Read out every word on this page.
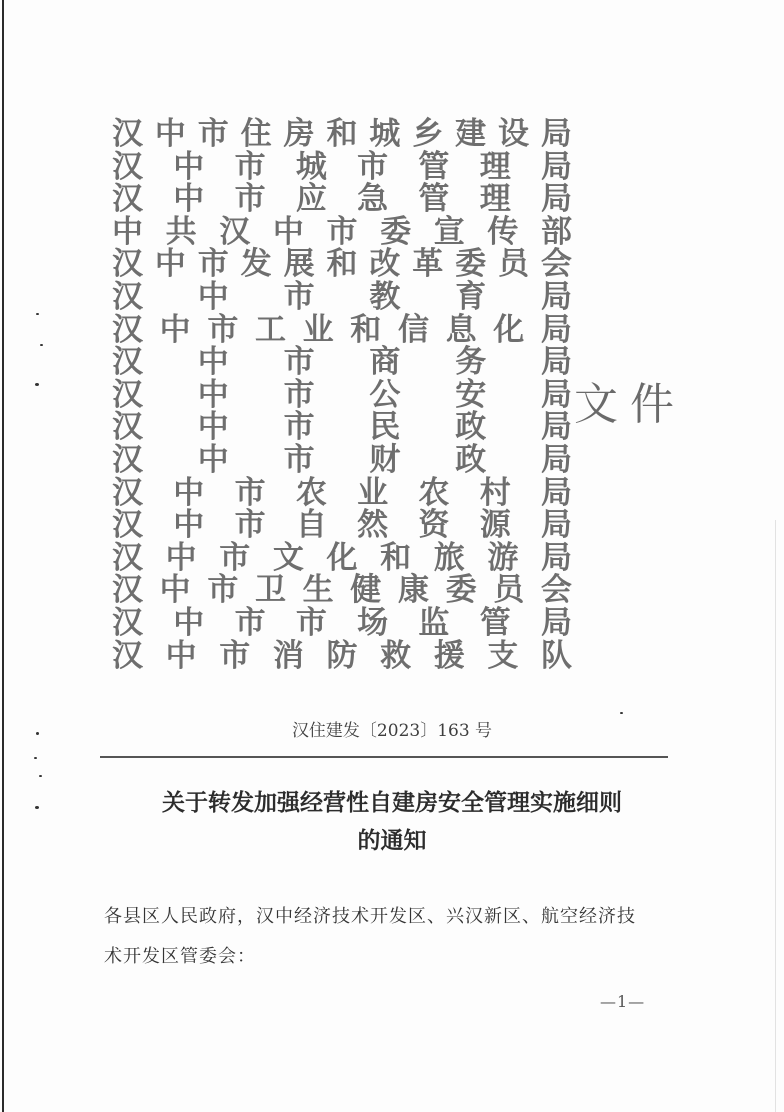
汉 中 市 住 房 和 城 乡 建 设 局
汉 中 市 城 市 管 理 局
汉 中 市 应 急 管 理 局
中 共 汉 中 市 委 宣 传 部
汉 中 市 发 展 和 改 革 委 员 会
汉 中 市 教 育 局
汉 中 市 工 业 和 信 息 化 局
汉 中 市 商 务 局
汉 中 市 公 安 局
汉 中 市 民 政 局
汉 中 市 财 政 局
汉 中 市 农 业 农 村 局
汉 中 市 自 然 资 源 局
汉 中 市 文 化 和 旅 游 局
汉 中 市 卫 生 健 康 委 员 会
汉 中 市 市 场 监 管 局
汉 中 市 消 防 救 援 支 队
文件
汉住建发〔2023〕163 号
关于转发加强经营性自建房安全管理实施细则
的通知
各县区人民政府，汉中经济技术开发区、兴汉新区、航空经济技
术开发区管委会：
—1—
